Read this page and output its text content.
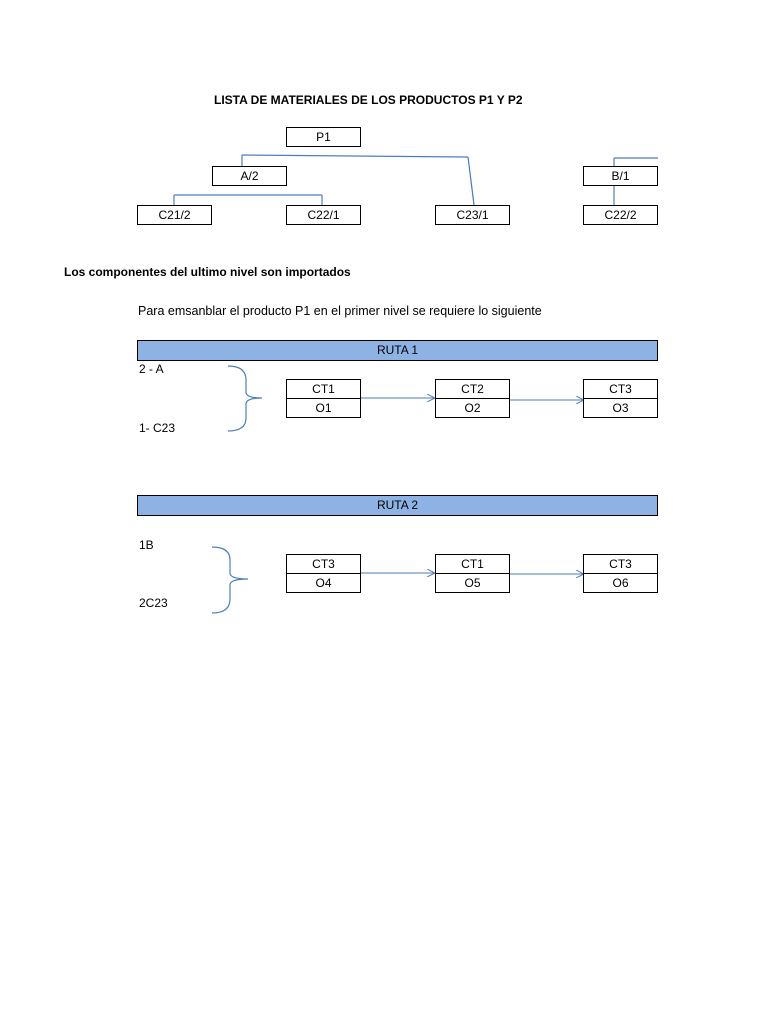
LISTA DE MATERIALES DE LOS PRODUCTOS P1 Y P2
P1
A/2	B/1
C21/2	C22/1	C23/1	C22/2
Los componentes del ultimo nivel son importados
Para emsanblar el producto P1 en el primer nivel se requiere lo siguiente
RUTA 1
2 - A
1- C23
CT1
O1
CT2
O2
CT3
O3
RUTA 2
1B
2C23
CT3
O4
CT1
O5
CT3
O6
